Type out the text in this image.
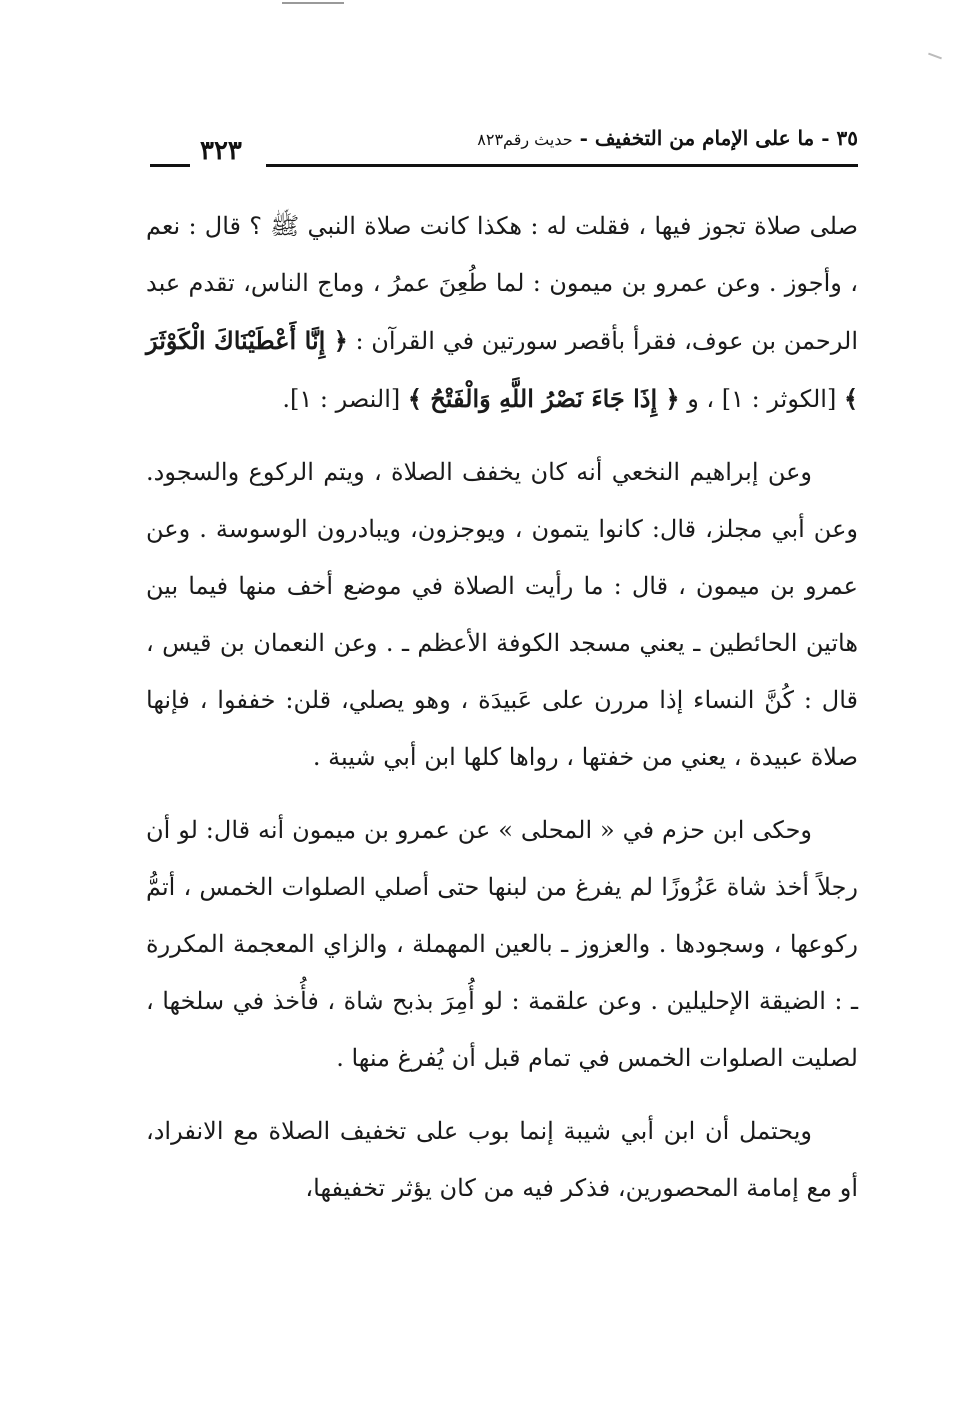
٣٥ - ما على الإمام من التخفيف - حديث رقم٨٢٣
٣٢٣

صلى صلاة تجوز فيها ، فقلت له : هكذا كانت صلاة النبي ﷺ ؟ قال : نعم ، وأجوز . وعن عمرو بن ميمون : لما طُعِنَ عمرُ ، وماج الناس، تقدم عبد الرحمن بن عوف، فقرأ بأقصر سورتين في القرآن : ﴿ إِنَّا أَعْطَيْنَاكَ الْكَوْثَرَ ﴾ [الكوثر : ١] ، و ﴿ إِذَا جَاءَ نَصْرُ اللَّهِ وَالْفَتْحُ ﴾ [النصر : ١].

وعن إبراهيم النخعي أنه كان يخفف الصلاة ، ويتم الركوع والسجود. وعن أبي مجلز، قال: كانوا يتمون ، ويوجزون، ويبادرون الوسوسة . وعن عمرو بن ميمون ، قال : ما رأيت الصلاة في موضع أخف منها فيما بين هاتين الحائطين ـ يعني مسجد الكوفة الأعظم ـ . وعن النعمان بن قيس ، قال : كُنَّ النساء إذا مررن على عَبيدَة ، وهو يصلي، قلن: خففوا ، فإنها صلاة عبيدة ، يعني من خفتها ، رواها كلها ابن أبي شيبة .

وحكى ابن حزم في « المحلى » عن عمرو بن ميمون أنه قال: لو أن رجلاً أخذ شاة عَزُوزًا لم يفرغ من لبنها حتى أصلي الصلوات الخمس ، أتمُّ ركوعها ، وسجودها . والعزوز ـ بالعين المهملة ، والزاي المعجمة المكررة ـ : الضيقة الإحليلين . وعن علقمة : لو أُمِرَ بذبح شاة ، فأُخذ في سلخها ، لصليت الصلوات الخمس في تمام قبل أن يُفرغ منها .

ويحتمل أن ابن أبي شيبة إنما بوب على تخفيف الصلاة مع الانفراد، أو مع إمامة المحصورين، فذكر فيه من كان يؤثر تخفيفها،
